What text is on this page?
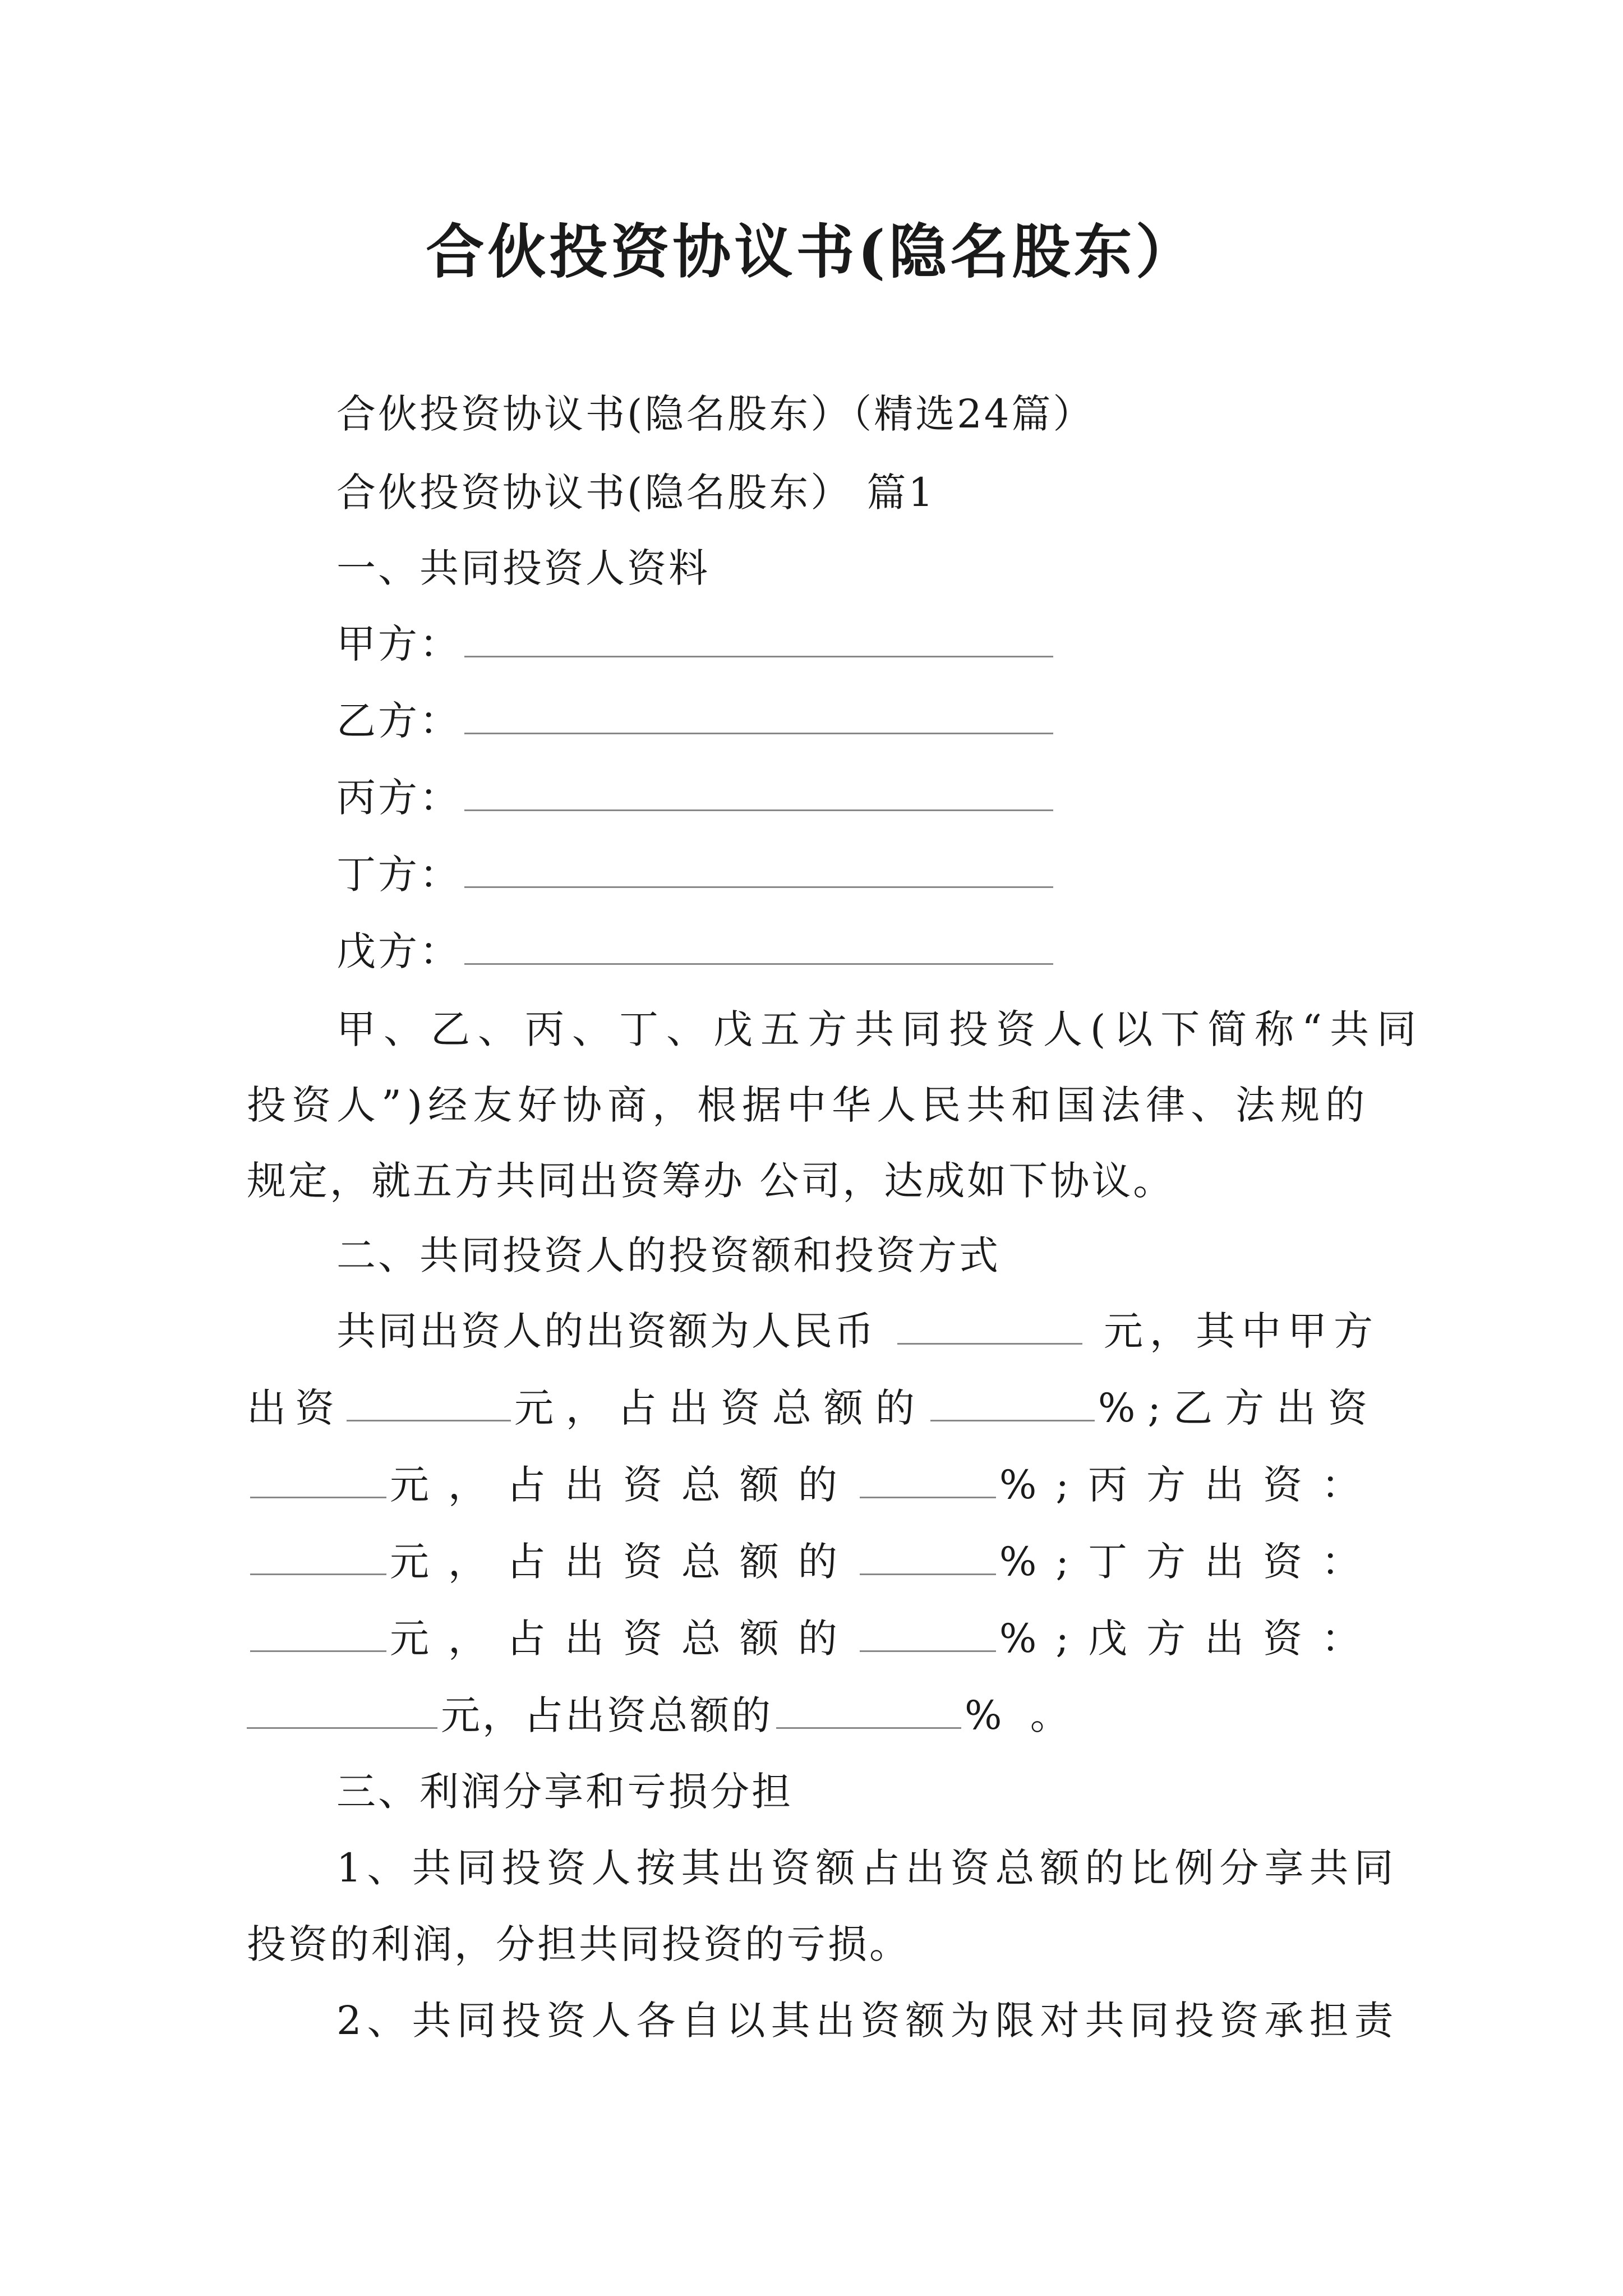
合伙投资协议书(隐名股东）
合伙投资协议书(隐名股东）（精选24篇）
合伙投资协议书(隐名股东） 篇1
一、共同投资人资料
甲方：
乙方：
丙方：
丁方：
戊方：
甲、乙、丙、丁、戊五方共同投资人(以下简称“共同
投资人”)经友好协商，根据中华人民共和国法律、法规的
规定，就五方共同出资筹办 公司，达成如下协议。
二、共同投资人的投资额和投资方式
共同出资人的出资额为人民币	元，其中甲方
出资	元，占出资总额的	%;乙方出资
元，占出资总额的	%;丙方出资：
元，占出资总额的	%;丁方出资：
元，占出资总额的	%;戊方出资：
元，占出资总额的	% 。
三、利润分享和亏损分担
1、共同投资人按其出资额占出资总额的比例分享共同
投资的利润，分担共同投资的亏损。
2、共同投资人各自以其出资额为限对共同投资承担责
